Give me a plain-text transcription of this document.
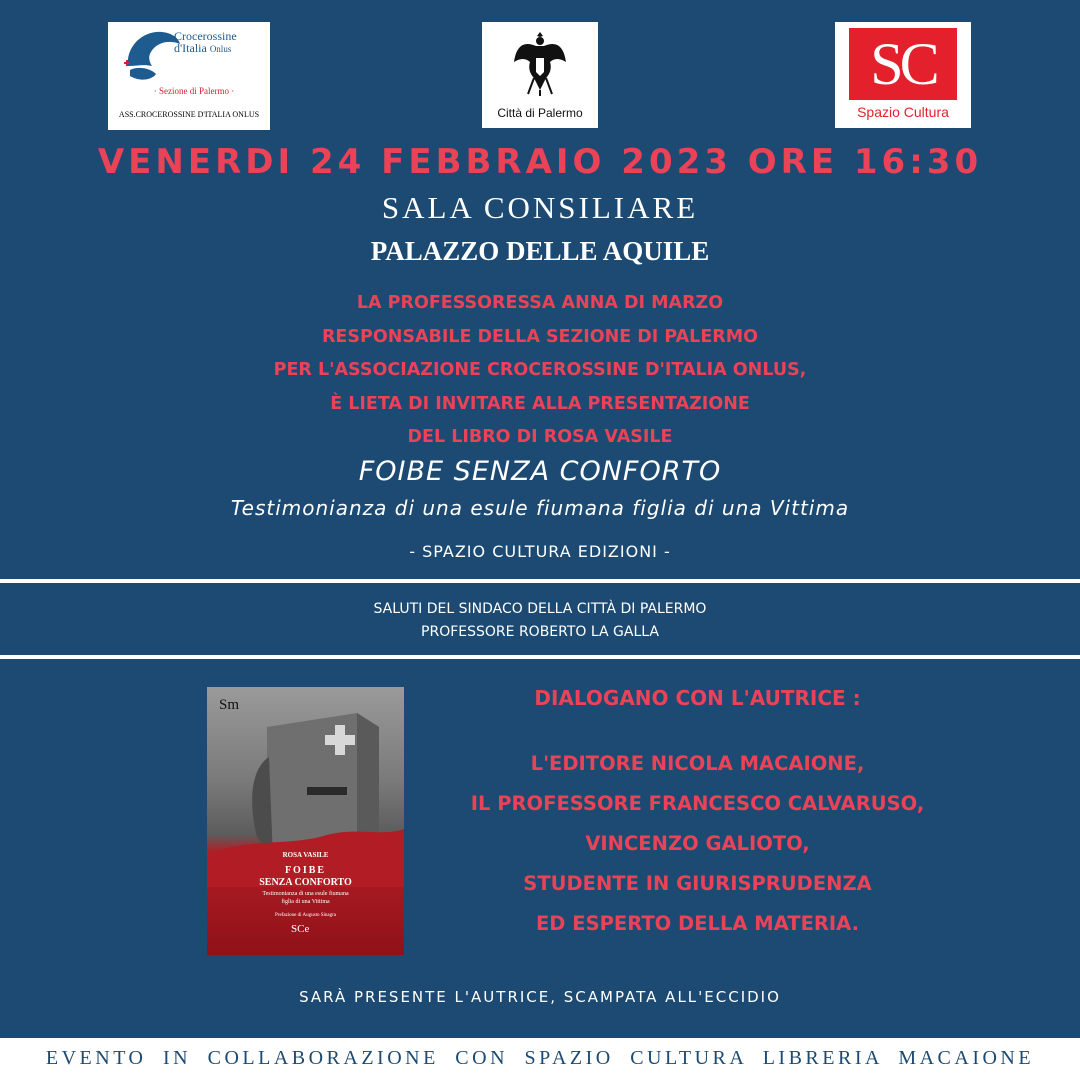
Crocerossine
d'Italia Onlus
· Sezione di Palermo ·
ASS.CROCEROSSINE D'ITALIA ONLUS	Città di Palermo
SC
Spazio Cultura
VENERDI 24 FEBBRAIO 2023 ORE 16:30
SALA CONSILIARE
PALAZZO DELLE AQUILE
LA PROFESSORESSA ANNA DI MARZO
RESPONSABILE DELLA SEZIONE DI PALERMO
PER L'ASSOCIAZIONE CROCEROSSINE D'ITALIA ONLUS,
È LIETA DI INVITARE ALLA PRESENTAZIONE
DEL LIBRO DI ROSA VASILE
FOIBE SENZA CONFORTO
Testimonianza di una esule fiumana figlia di una Vittima
- SPAZIO CULTURA EDIZIONI -
SALUTI DEL SINDACO DELLA CITTÀ DI PALERMO
PROFESSORE ROBERTO LA GALLA
Sm
ROSA VASILE
FOIBE
SENZA CONFORTO
Testimonianza di una esule fiumana
figlia di una Vittima
Prefazione di Augusto Sinagra
SCe
DIALOGANO CON L'AUTRICE :
L'EDITORE NICOLA MACAIONE,
IL PROFESSORE FRANCESCO CALVARUSO,
VINCENZO GALIOTO,
STUDENTE IN GIURISPRUDENZA
ED ESPERTO DELLA MATERIA.
SARÀ PRESENTE L'AUTRICE, SCAMPATA ALL'ECCIDIO
EVENTO IN COLLABORAZIONE CON SPAZIO CULTURA LIBRERIA MACAIONE
